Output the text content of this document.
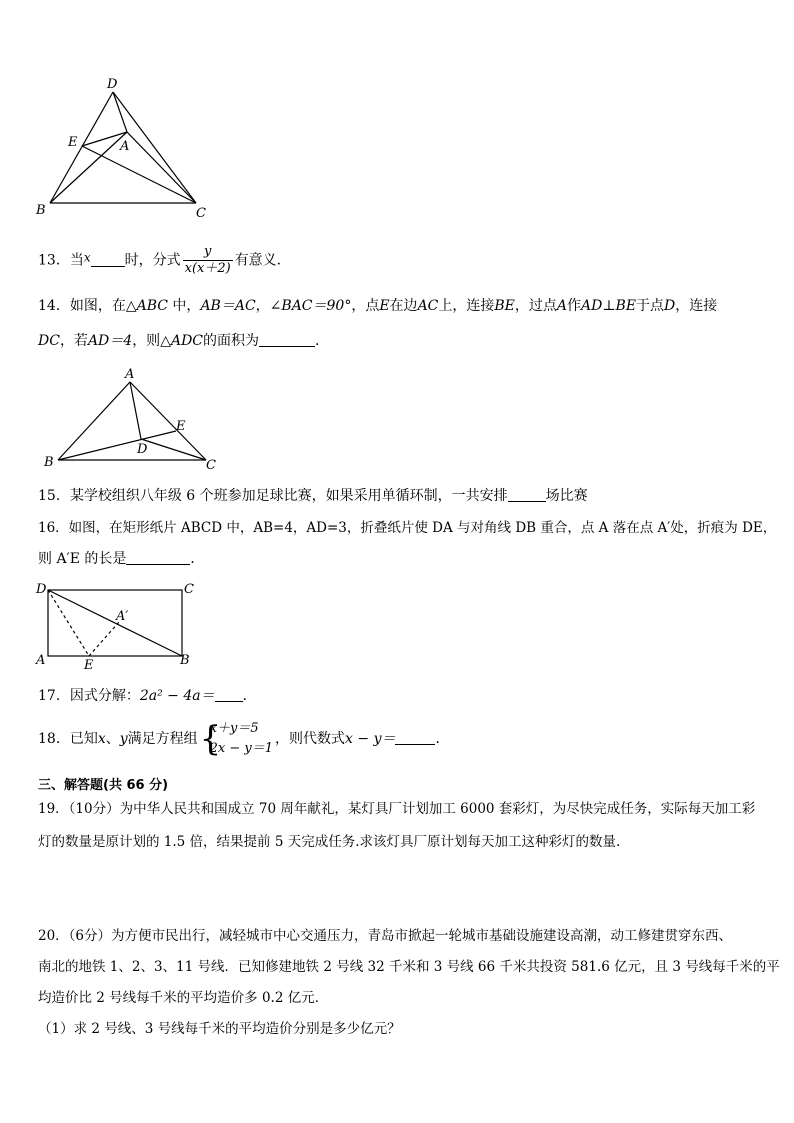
D
E	A
B	C
13．当x 时，分式 $\frac{y}{x(x+2)}$ 有意义．
14．如图，在△ABC 中，AB＝AC，∠BAC＝90°，点E在边AC上，连接BE，过点A作AD⊥BE于点D，连接
DC，若AD＝4，则△ADC的面积为	.
A
E
D
B	C
15．某学校组织八年级 6 个班参加足球比赛，如果采用单循环制，一共安排	场比赛
16．如图，在矩形纸片 ABCD 中，AB=4，AD=3，折叠纸片使 DA 与对角线 DB 重合，点 A 落在点 A′处，折痕为 DE，
则 A′E 的长是	．
D	C
A′
A	E	B
17．因式分解：2a² − 4a＝ ．
18．已知x、y满足方程组 {
x＋y＝5
2x − y＝1
，则代数式x − y＝	．
三、解答题(共 66 分)
19．（10分）为中华人民共和国成立 70 周年献礼，某灯具厂计划加工 6000 套彩灯，为尽快完成任务，实际每天加工彩
灯的数量是原计划的 1.5 倍，结果提前 5 天完成任务.求该灯具厂原计划每天加工这种彩灯的数量.
20．（6分）为方便市民出行，减轻城市中心交通压力，青岛市掀起一轮城市基础设施建设高潮，动工修建贯穿东西、
南北的地铁 1、2、3、11 号线．已知修建地铁 2 号线 32 千米和 3 号线 66 千米共投资 581.6 亿元，且 3 号线每千米的平
均造价比 2 号线每千米的平均造价多 0.2 亿元．
（1）求 2 号线、3 号线每千米的平均造价分别是多少亿元？
